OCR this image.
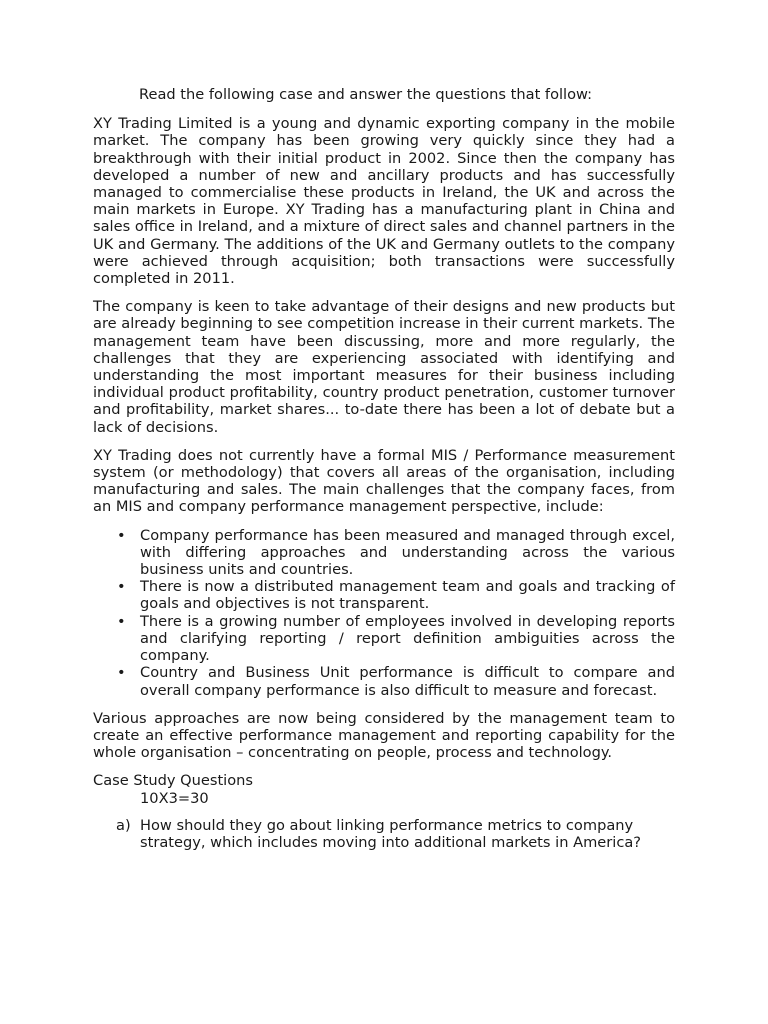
Read the following case and answer the questions that follow:

XY Trading Limited is a young and dynamic exporting company in the mobile market. The company has been growing very quickly since they had a breakthrough with their initial product in 2002. Since then the company has developed a number of new and ancillary products and has successfully managed to commercialise these products in Ireland, the UK and across the main markets in Europe. XY Trading has a manufacturing plant in China and sales office in Ireland, and a mixture of direct sales and channel partners in the UK and Germany. The additions of the UK and Germany outlets to the company were achieved through acquisition; both transactions were successfully completed in 2011.

The company is keen to take advantage of their designs and new products but are already beginning to see competition increase in their current markets. The management team have been discussing, more and more regularly, the challenges that they are experiencing associated with identifying and understanding the most important measures for their business including individual product profitability, country product penetration, customer turnover and profitability, market shares... to-date there has been a lot of debate but a lack of decisions.

XY Trading does not currently have a formal MIS / Performance measurement system (or methodology) that covers all areas of the organisation, including manufacturing and sales. The main challenges that the company faces, from an MIS and company performance management perspective, include:

• Company performance has been measured and managed through excel, with differing approaches and understanding across the various business units and countries.
• There is now a distributed management team and goals and tracking of goals and objectives is not transparent.
• There is a growing number of employees involved in developing reports and clarifying reporting / report definition ambiguities across the company.
• Country and Business Unit performance is difficult to compare and overall company performance is also difficult to measure and forecast.

Various approaches are now being considered by the management team to create an effective performance management and reporting capability for the whole organisation – concentrating on people, process and technology.

Case Study Questions

10X3=30

a) How should they go about linking performance metrics to company strategy, which includes moving into additional markets in America?
